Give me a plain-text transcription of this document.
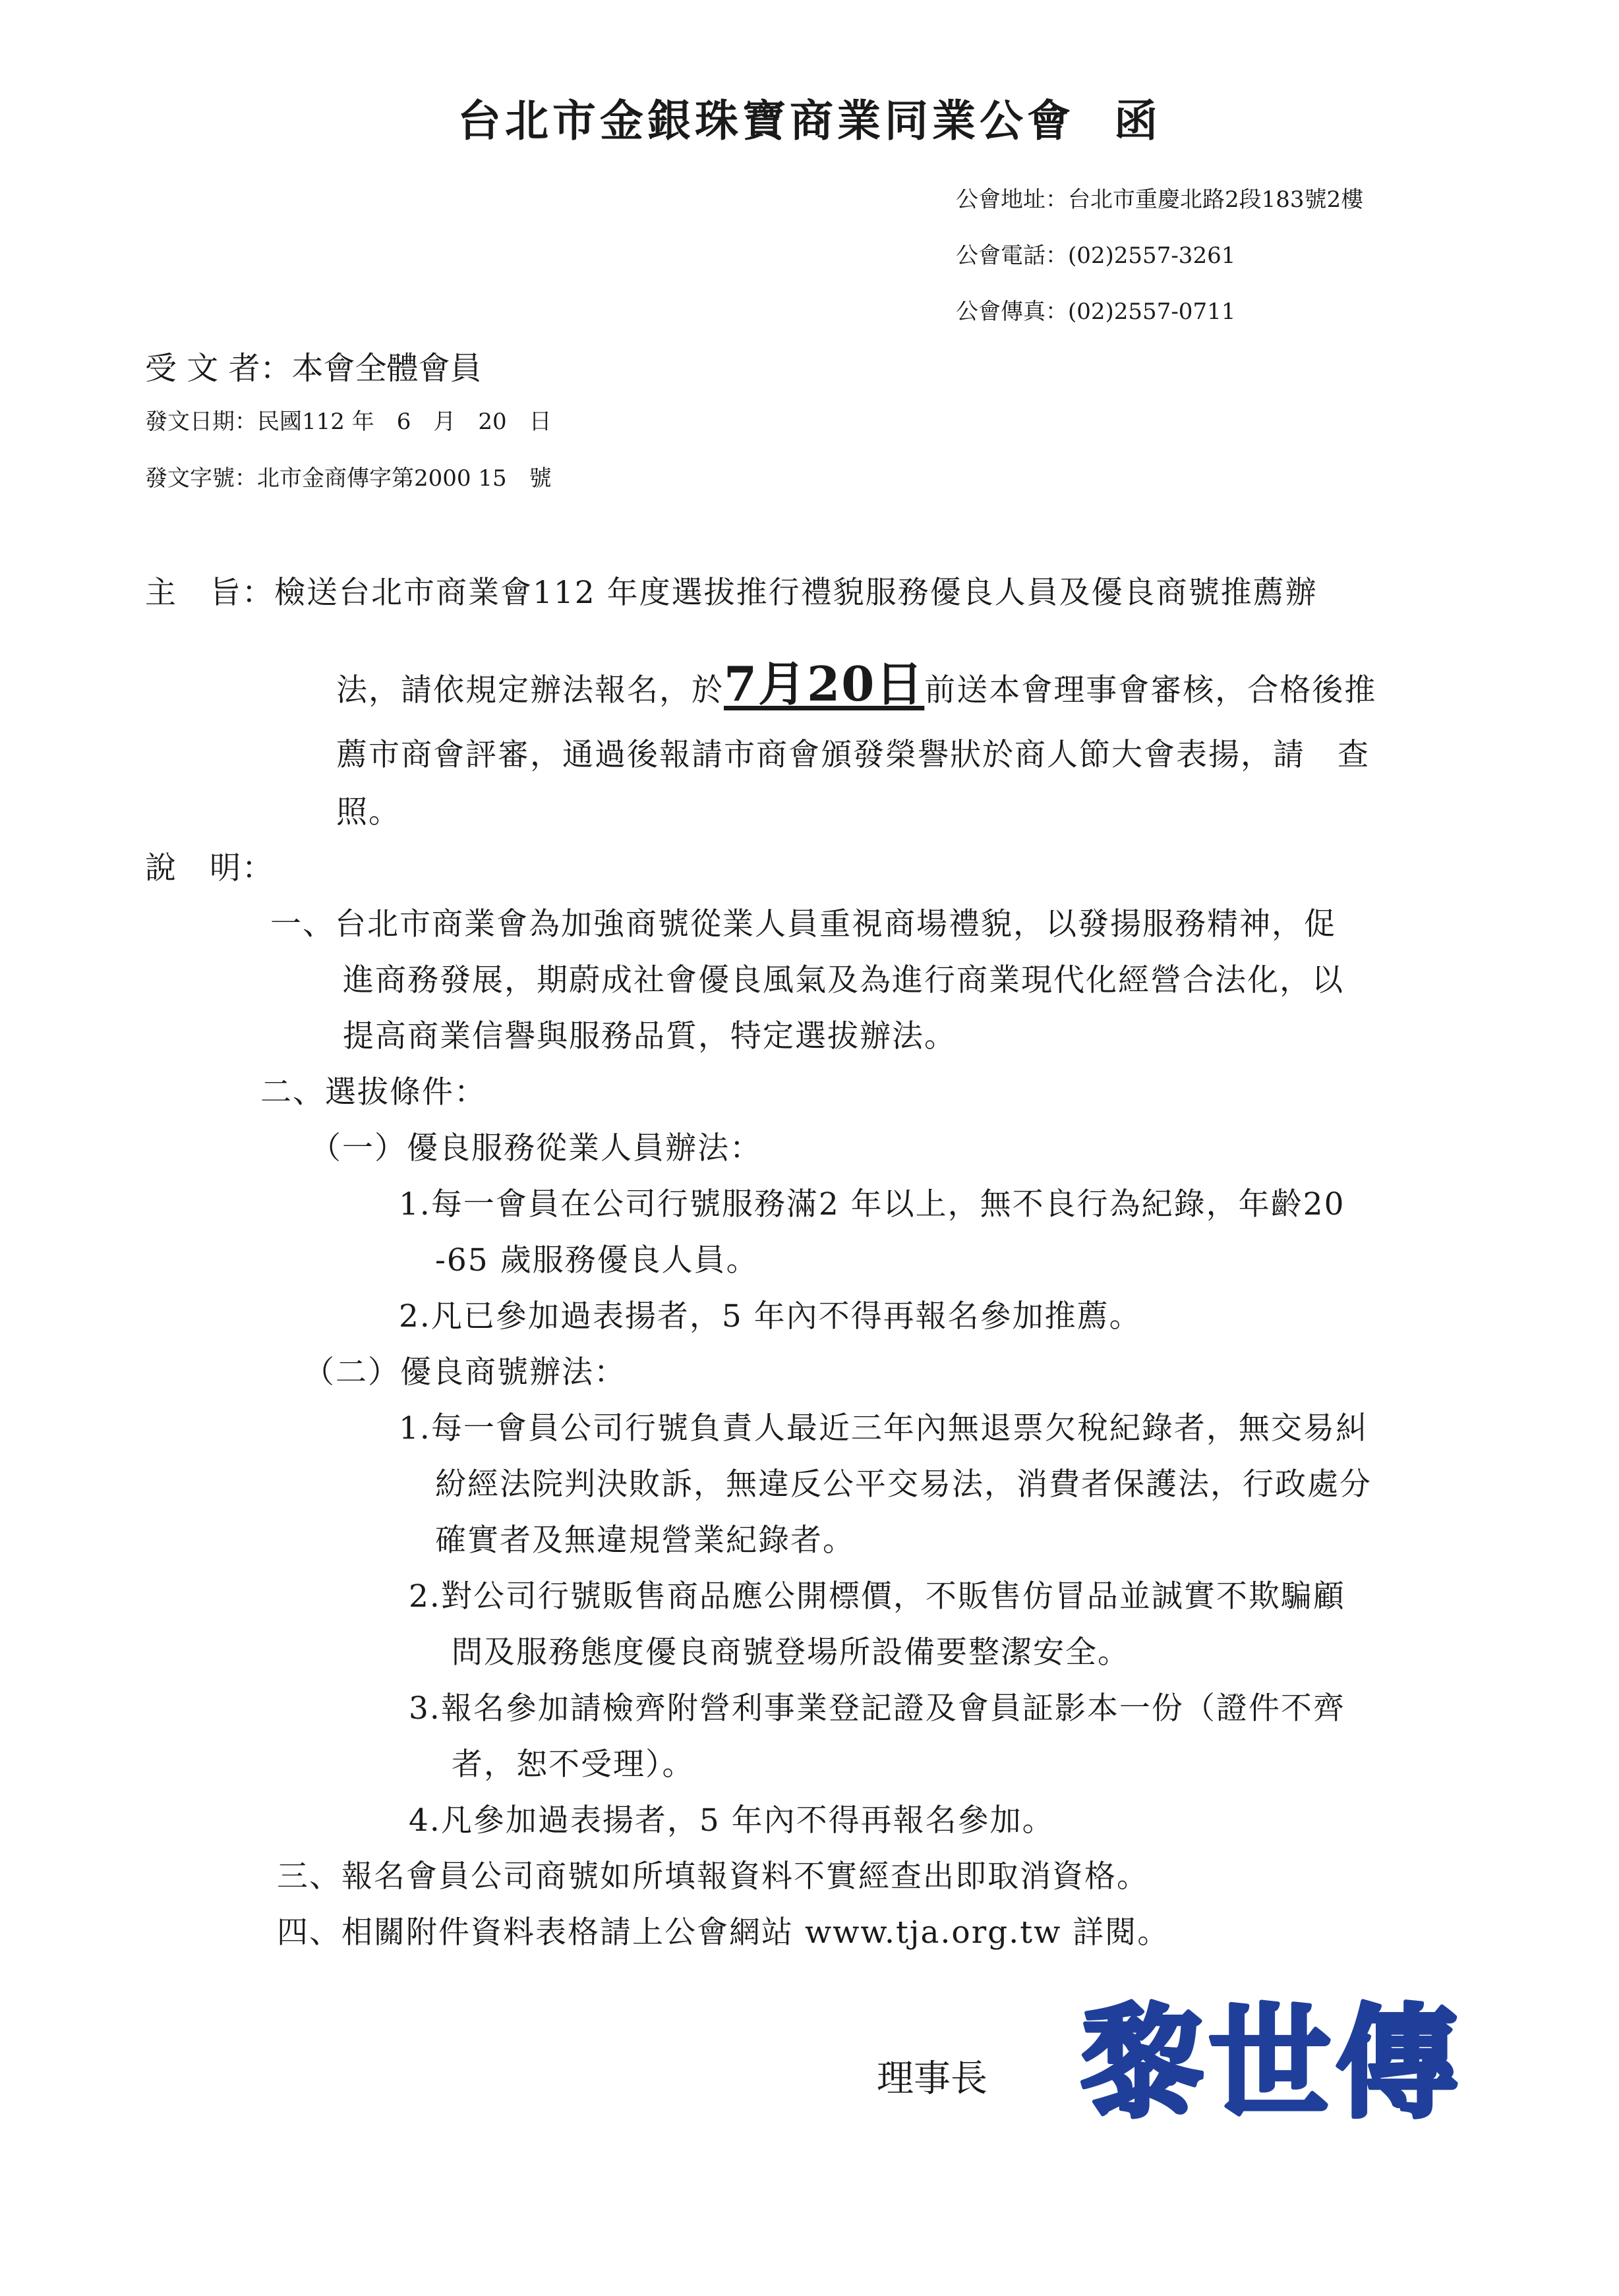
台北市金銀珠寶商業同業公會 函
公會地址：台北市重慶北路2段183號2樓
公會電話：(02)2557-3261
公會傳真：(02)2557-0711
受 文 者：本會全體會員
發文日期：民國112 年　6　月　20　日
發文字號：北市金商傳字第2000 15　號
主　旨：檢送台北市商業會112 年度選拔推行禮貌服務優良人員及優良商號推薦辦
法，請依規定辦法報名，於7月20日前送本會理事會審核，合格後推
薦市商會評審，通過後報請市商會頒發榮譽狀於商人節大會表揚，請　查
照。
說　明：
一、台北市商業會為加強商號從業人員重視商場禮貌，以發揚服務精神，促
進商務發展，期蔚成社會優良風氣及為進行商業現代化經營合法化，以
提高商業信譽與服務品質，特定選拔辦法。
二、選拔條件：
（一）優良服務從業人員辦法：
1.每一會員在公司行號服務滿2 年以上，無不良行為紀錄，年齡20
-65 歲服務優良人員。
2.凡已參加過表揚者，5 年內不得再報名參加推薦。
（二）優良商號辦法：
1.每一會員公司行號負責人最近三年內無退票欠稅紀錄者，無交易糾
紛經法院判決敗訴，無違反公平交易法，消費者保護法，行政處分
確實者及無違規營業紀錄者。
2.對公司行號販售商品應公開標價，不販售仿冒品並誠實不欺騙顧
問及服務態度優良商號登場所設備要整潔安全。
3.報名參加請檢齊附營利事業登記證及會員証影本一份（證件不齊
者，恕不受理）。
4.凡參加過表揚者，5 年內不得再報名參加。
三、報名會員公司商號如所填報資料不實經查出即取消資格。
四、相關附件資料表格請上公會網站 www.tja.org.tw 詳閱。
理事長 黎世傳
